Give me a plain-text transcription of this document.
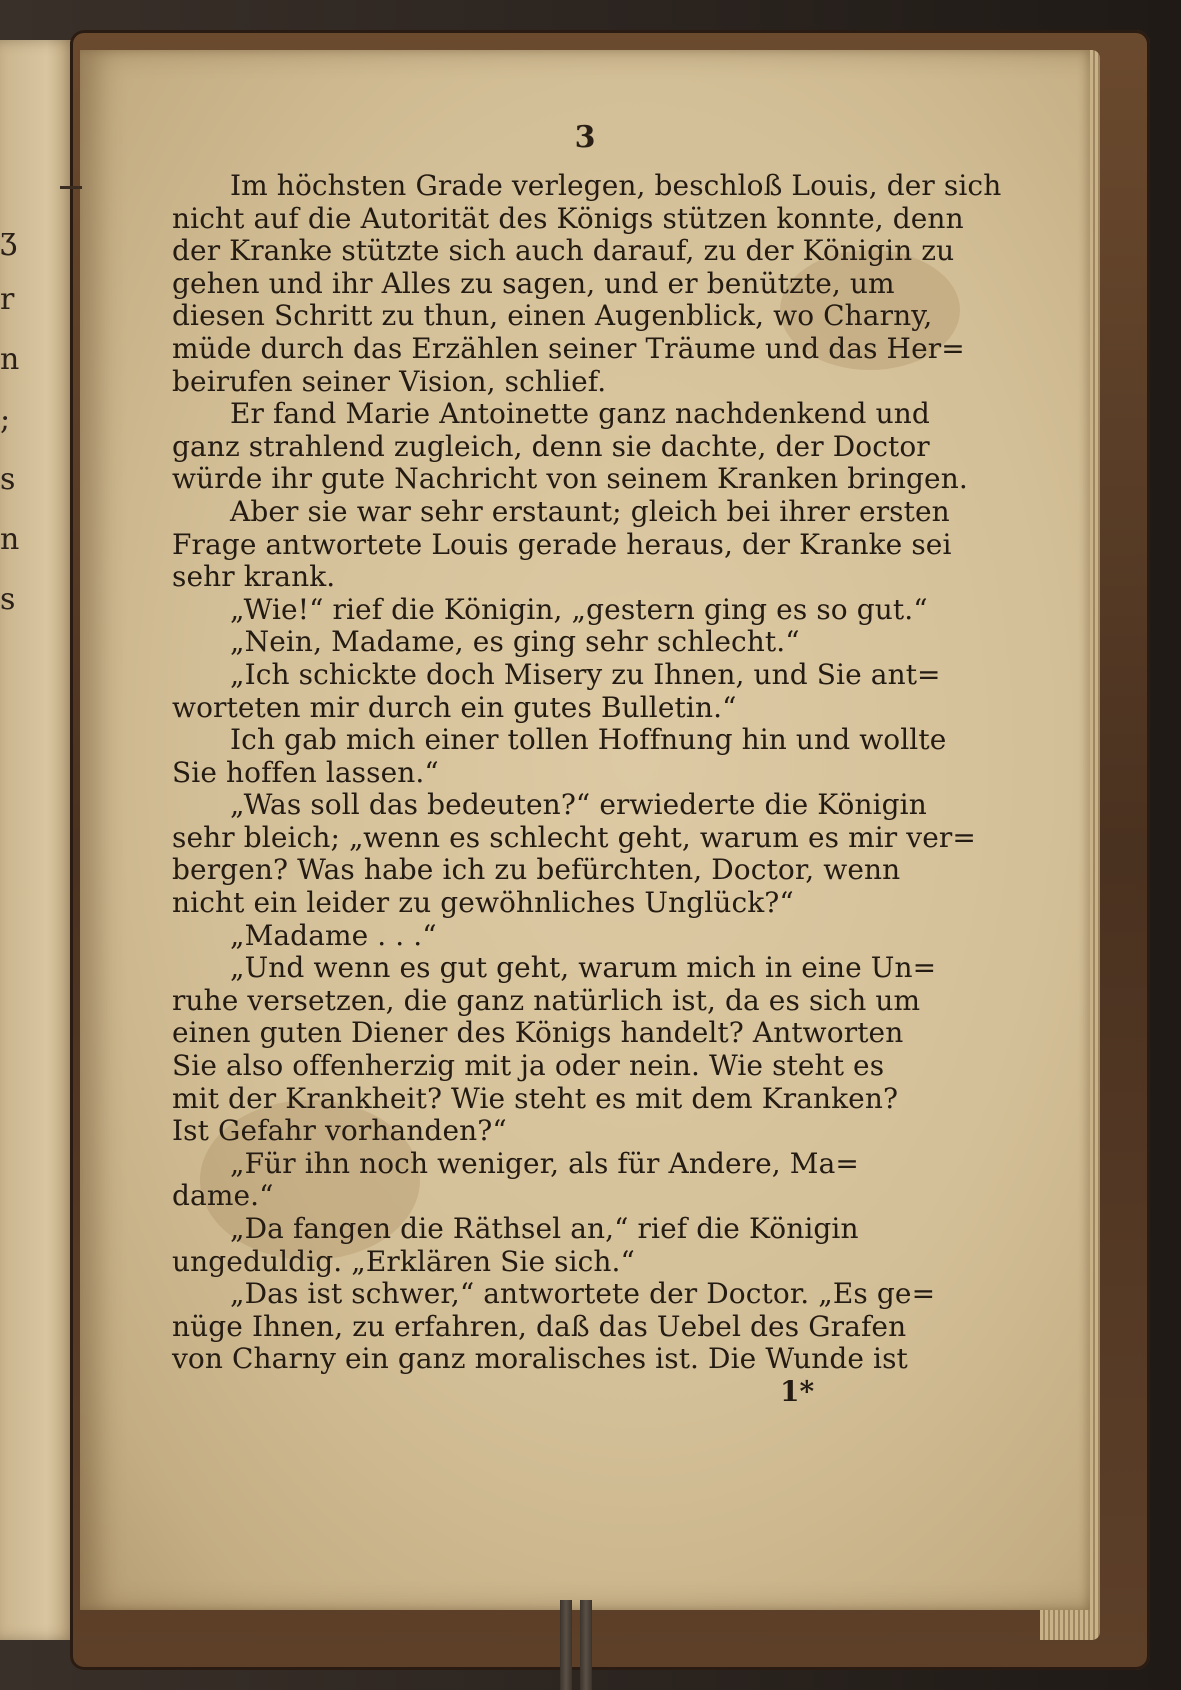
ʒ
r
n
;
s
n
s
3
Im höchsten Grade verlegen, beschloß Louis, der sich
nicht auf die Autorität des Königs stützen konnte, denn
der Kranke stützte sich auch darauf, zu der Königin zu
gehen und ihr Alles zu sagen, und er benützte, um
diesen Schritt zu thun, einen Augenblick, wo Charny,
müde durch das Erzählen seiner Träume und das Her=
beirufen seiner Vision, schlief.
Er fand Marie Antoinette ganz nachdenkend und
ganz strahlend zugleich, denn sie dachte, der Doctor
würde ihr gute Nachricht von seinem Kranken bringen.
Aber sie war sehr erstaunt; gleich bei ihrer ersten
Frage antwortete Louis gerade heraus, der Kranke sei
sehr krank.
„Wie!“ rief die Königin, „gestern ging es so gut.“
„Nein, Madame, es ging sehr schlecht.“
„Ich schickte doch Misery zu Ihnen, und Sie ant=
worteten mir durch ein gutes Bulletin.“
Ich gab mich einer tollen Hoffnung hin und wollte
Sie hoffen lassen.“
„Was soll das bedeuten?“ erwiederte die Königin
sehr bleich; „wenn es schlecht geht, warum es mir ver=
bergen? Was habe ich zu befürchten, Doctor, wenn
nicht ein leider zu gewöhnliches Unglück?“
„Madame . . .“
„Und wenn es gut geht, warum mich in eine Un=
ruhe versetzen, die ganz natürlich ist, da es sich um
einen guten Diener des Königs handelt? Antworten
Sie also offenherzig mit ja oder nein. Wie steht es
mit der Krankheit? Wie steht es mit dem Kranken?
Ist Gefahr vorhanden?“
„Für ihn noch weniger, als für Andere, Ma=
dame.“
„Da fangen die Räthsel an,“ rief die Königin
ungeduldig. „Erklären Sie sich.“
„Das ist schwer,“ antwortete der Doctor. „Es ge=
nüge Ihnen, zu erfahren, daß das Uebel des Grafen
von Charny ein ganz moralisches ist. Die Wunde ist
1*
